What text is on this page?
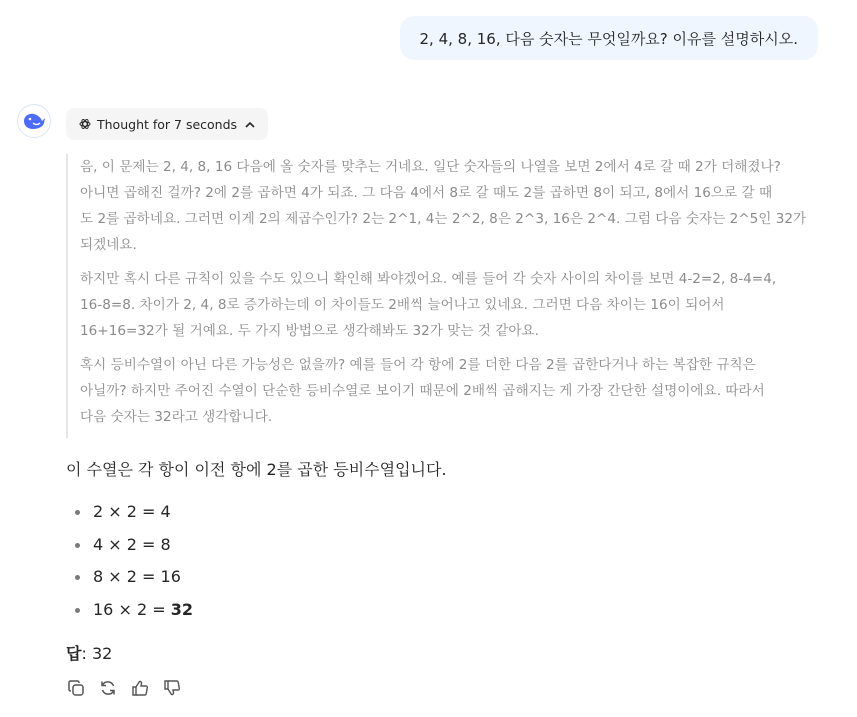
2, 4, 8, 16, 다음 숫자는 무엇일까요? 이유를 설명하시오.
Thought for 7 seconds

음, 이 문제는 2, 4, 8, 16 다음에 올 숫자를 맞추는 거네요. 일단 숫자들의 나열을 보면 2에서 4로 갈 때 2가 더해졌나?
아니면 곱해진 걸까? 2에 2를 곱하면 4가 되죠. 그 다음 4에서 8로 갈 때도 2를 곱하면 8이 되고, 8에서 16으로 갈 때
도 2를 곱하네요. 그러면 이게 2의 제곱수인가? 2는 2^1, 4는 2^2, 8은 2^3, 16은 2^4. 그럼 다음 숫자는 2^5인 32가
되겠네요.

하지만 혹시 다른 규칙이 있을 수도 있으니 확인해 봐야겠어요. 예를 들어 각 숫자 사이의 차이를 보면 4-2=2, 8-4=4,
16-8=8. 차이가 2, 4, 8로 증가하는데 이 차이들도 2배씩 늘어나고 있네요. 그러면 다음 차이는 16이 되어서
16+16=32가 될 거예요. 두 가지 방법으로 생각해봐도 32가 맞는 것 같아요.

혹시 등비수열이 아닌 다른 가능성은 없을까? 예를 들어 각 항에 2를 더한 다음 2를 곱한다거나 하는 복잡한 규칙은
아닐까? 하지만 주어진 수열이 단순한 등비수열로 보이기 때문에 2배씩 곱해지는 게 가장 간단한 설명이에요. 따라서
다음 숫자는 32라고 생각합니다.

이 수열은 각 항이 이전 항에 2를 곱한 등비수열입니다.
2 × 2 = 4
4 × 2 = 8
8 × 2 = 16
16 × 2 = 32
답: 32
